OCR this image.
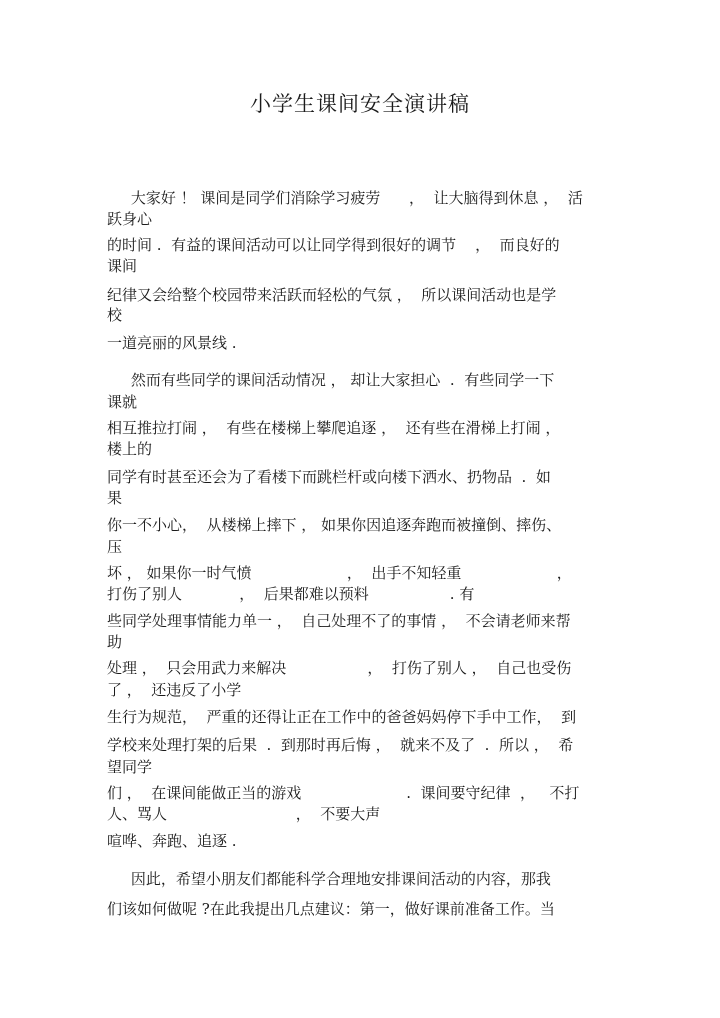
小学生课间安全演讲稿
大家好 ！ 课间是同学们消除学习疲劳      ，  让大脑得到休息 ，  活
跃身心
的时间 .  有益的课间活动可以让同学得到很好的调节    ，  而良好的
课间
纪律又会给整个校园带来活跃而轻松的气氛 ，  所以课间活动也是学
校
一道亮丽的风景线 .
然而有些同学的课间活动情况 ， 却让大家担心  .  有些同学一下
课就
相互推拉打闹 ，  有些在楼梯上攀爬追逐 ，  还有些在滑梯上打闹 ，
楼上的
同学有时甚至还会为了看楼下而跳栏杆或向楼下洒水、扔物品  .  如
果
你一不小心，  从楼梯上摔下 ， 如果你因追逐奔跑而被撞倒、摔伤、
压
坏 ， 如果你一时气愤                    ，  出手不知轻重                    ，
打伤了别人            ，  后果都难以预料                 . 有
些同学处理事情能力单一 ，  自己处理不了的事情 ，  不会请老师来帮
助
处理 ，  只会用武力来解决                 ，  打伤了别人 ，  自己也受伤
了 ，  还违反了小学
生行为规范，  严重的还得让正在工作中的爸爸妈妈停下手中工作，  到
学校来处理打架的后果  .  到那时再后悔 ，  就来不及了  .  所以 ，  希
望同学
们 ，  在课间能做正当的游戏                      .  课间要守纪律  ，   不打
人、骂人                           ，  不要大声
喧哗、奔跑、追逐 .
因此，希望小朋友们都能科学合理地安排课间活动的内容，那我
们该如何做呢 ?在此我提出几点建议：第一，做好课前准备工作。当
